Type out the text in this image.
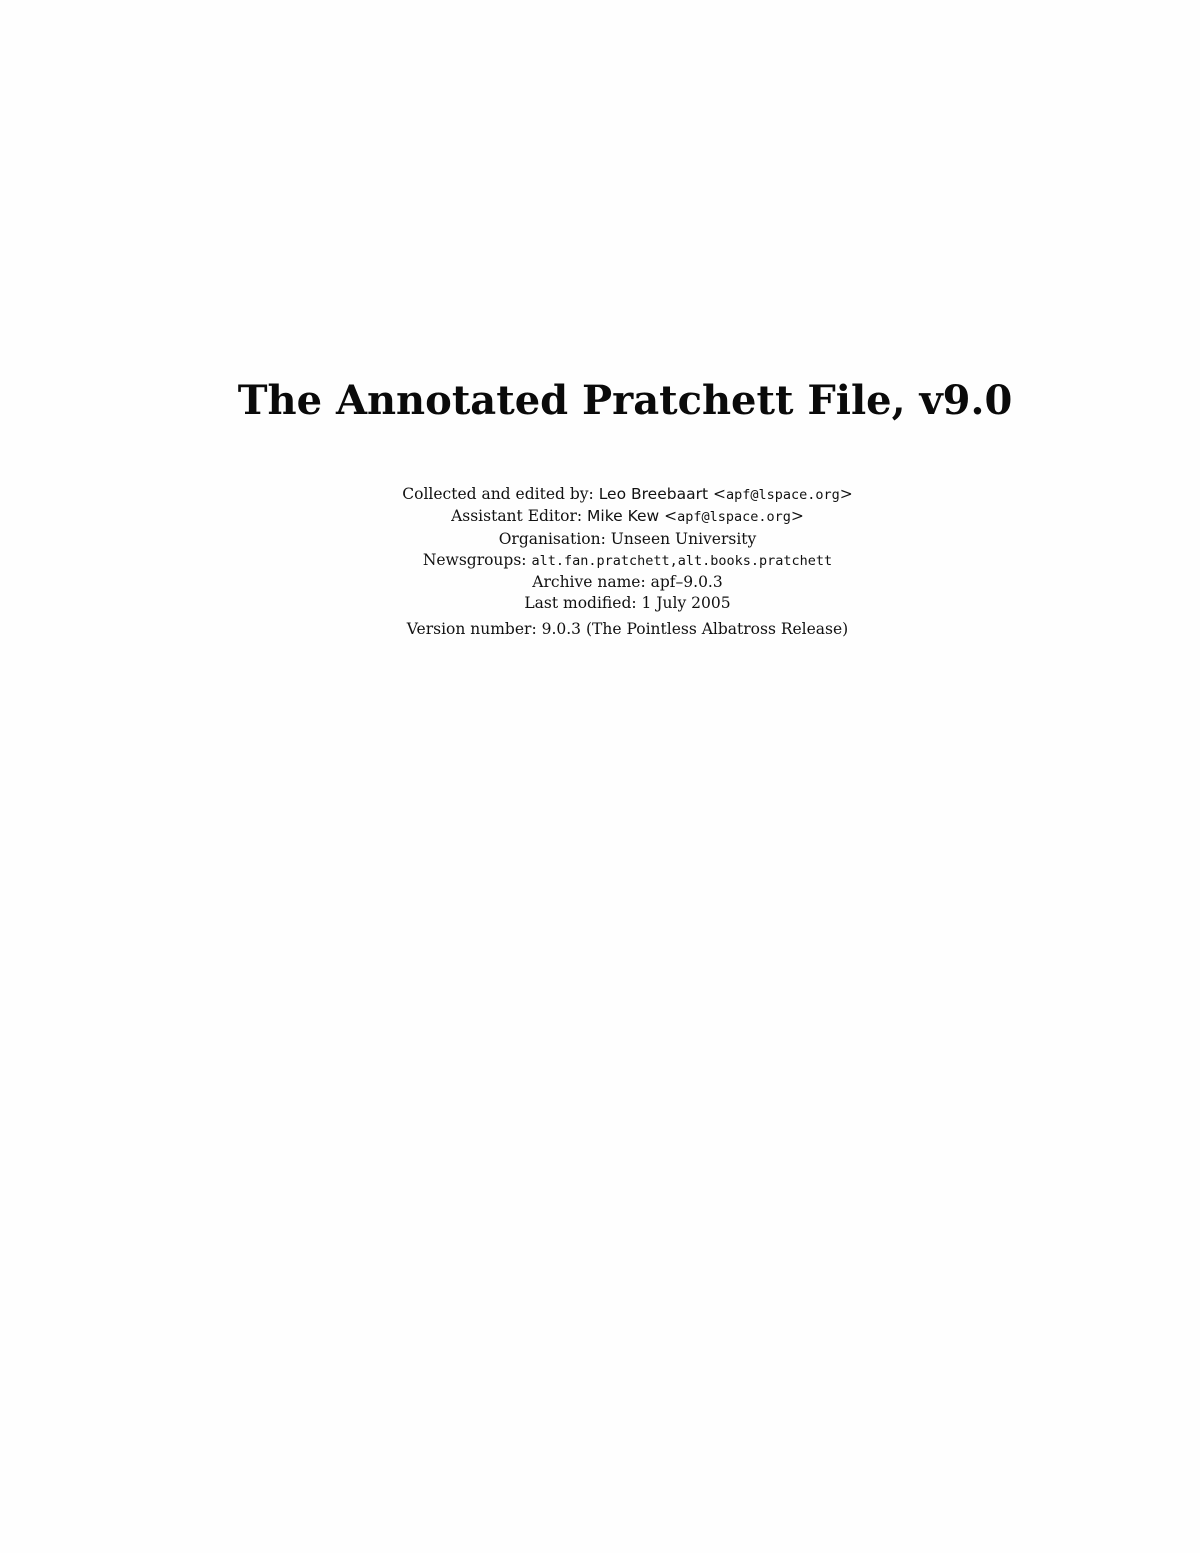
The Annotated Pratchett File, v9.0
Collected and edited by: Leo Breebaart <apf@lspace.org>
Assistant Editor: Mike Kew <apf@lspace.org>
Organisation: Unseen University
Newsgroups: alt.fan.pratchett,alt.books.pratchett
Archive name: apf–9.0.3
Last modified: 1 July 2005
Version number: 9.0.3 (The Pointless Albatross Release)
